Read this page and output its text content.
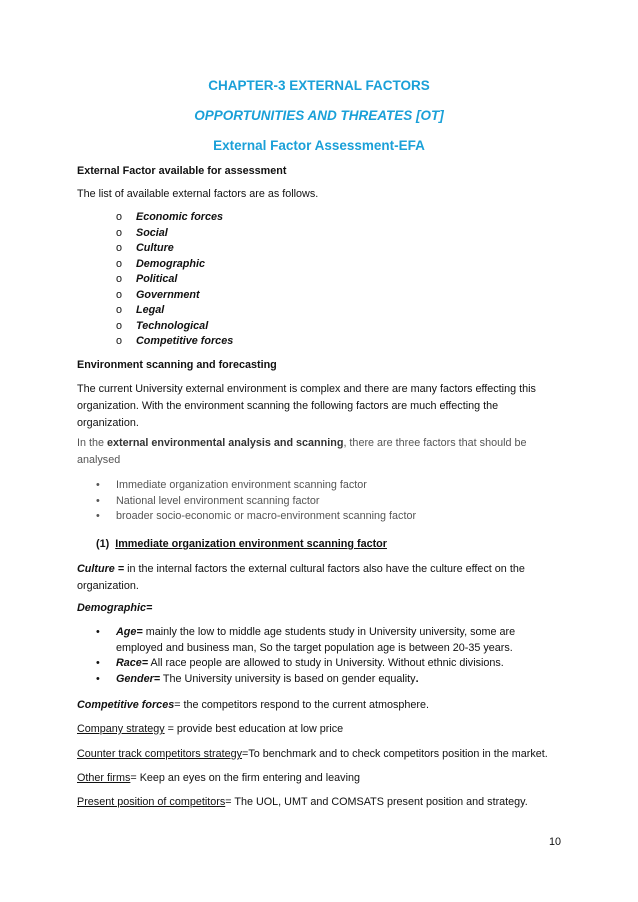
CHAPTER-3 EXTERNAL FACTORS

OPPORTUNITIES AND THREATES [OT]

External Factor Assessment-EFA

External Factor available for assessment

The list of available external factors are as follows.

o Economic forces
o Social
o Culture
o Demographic
o Political
o Government
o Legal
o Technological
o Competitive forces

Environment scanning and forecasting

The current University external environment is complex and there are many factors effecting this
organization. With the environment scanning the following factors are much effecting the
organization.
In the external environmental analysis and scanning, there are three factors that should be
analysed
• Immediate organization environment scanning factor
• National level environment scanning factor
• broader socio-economic or macro-environment scanning factor

(1) Immediate organization environment scanning factor

Culture = in the internal factors the external cultural factors also have the culture effect on the
organization.

Demographic=

• Age= mainly the low to middle age students study in University university, some are
employed and business man, So the target population age is between 20-35 years.
• Race= All race people are allowed to study in University. Without ethnic divisions.
• Gender= The University university is based on gender equality.

Competitive forces= the competitors respond to the current atmosphere.

Company strategy = provide best education at low price

Counter track competitors strategy=To benchmark and to check competitors position in the market.

Other firms= Keep an eyes on the firm entering and leaving

Present position of competitors= The UOL, UMT and COMSATS present position and strategy.

10
